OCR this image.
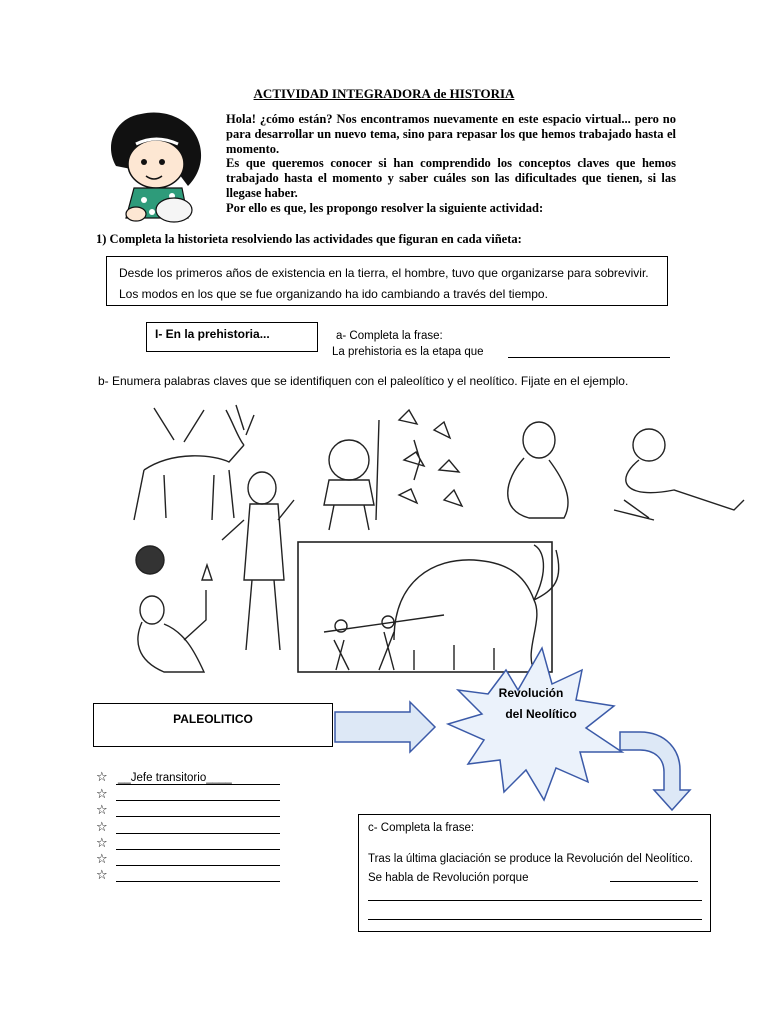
ACTIVIDAD INTEGRADORA de HISTORIA

Hola! ¿cómo están? Nos encontramos nuevamente en este espacio virtual... pero no para desarrollar un nuevo tema, sino para repasar los que hemos trabajado hasta el momento.

Es que queremos conocer si han comprendido los conceptos claves que hemos trabajado hasta el momento y saber cuáles son las dificultades que tienen, si las llegase haber.

Por ello es que, les propongo resolver la siguiente actividad:

1) Completa la historieta resolviendo las actividades que figuran en cada viñeta:
Desde los primeros años de existencia en la tierra, el hombre, tuvo que organizarse para sobrevivir. Los modos en los que se fue organizando ha ido cambiando a través del tiempo.
I- En la prehistoria...	a- Completa la frase:
La prehistoria es la etapa que
b- Enumera palabras claves que se identifiquen con el paleolítico y el neolítico. Fijate en el ejemplo.
PALEOLITICO
Revolución
del Neolítico
☆ __Jefe transitorio____
☆
☆
☆
☆
☆
☆
c- Completa la frase:
Tras la última glaciación se produce la Revolución del Neolítico. Se habla de Revolución porque
